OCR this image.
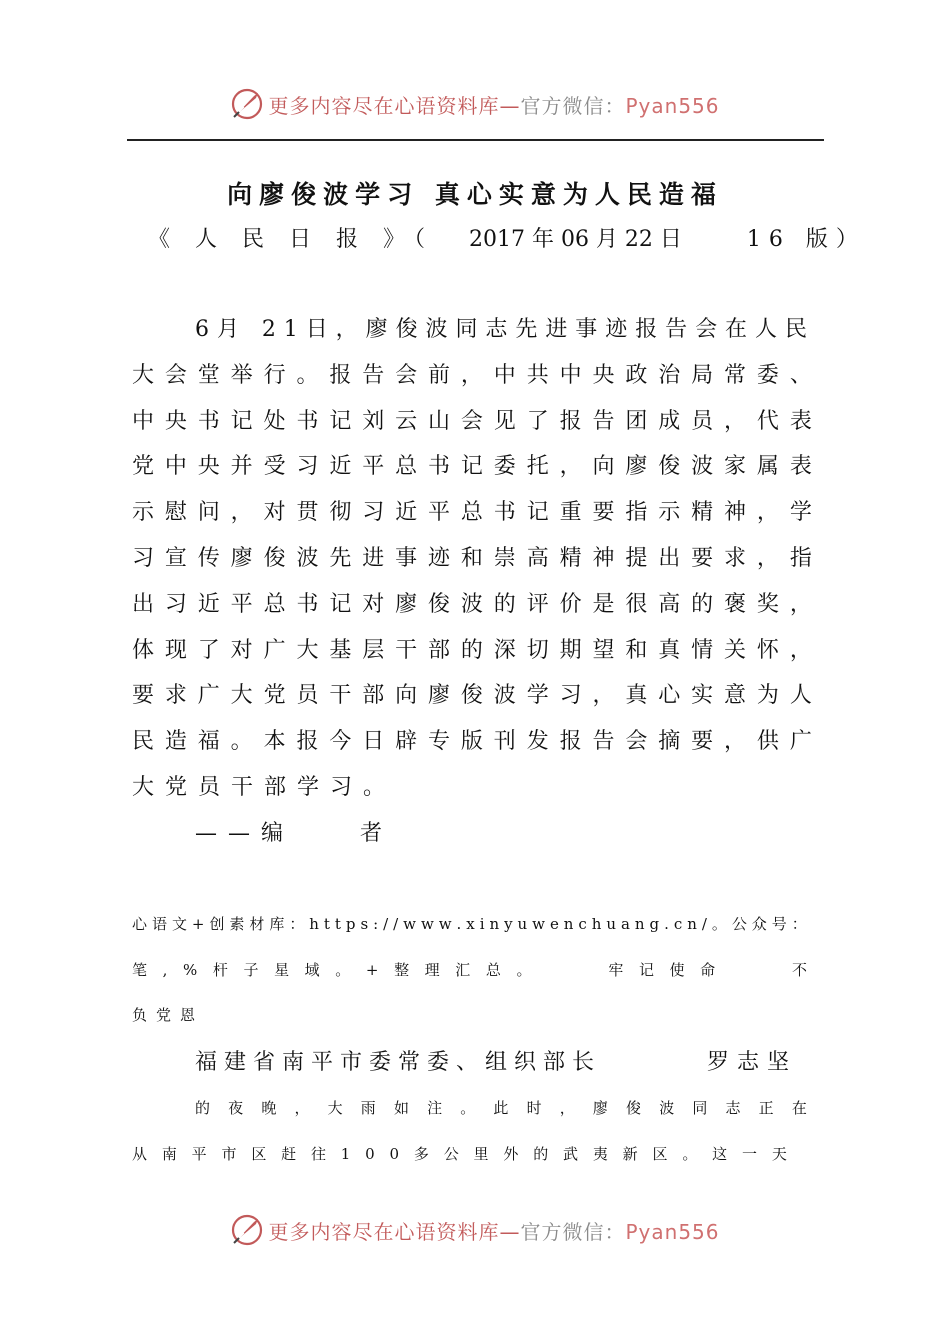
更多内容尽在心语资料库—官方微信：Pyan556
向廖俊波学习 真心实意为人民造福
《 人 民 日 报 》（ 2017 年 06 月 22 日	16 版）
6 月
2 1 日 ， 廖 俊 波 同 志 先 进 事 迹 报 告 会 在 人 民
大 会 堂 举 行 。 报 告 会 前 ， 中 共 中 央 政 治 局 常 委 、
中 央 书 记 处 书 记 刘 云 山 会 见 了 报 告 团 成 员 ， 代 表
党 中 央 并 受 习 近 平 总 书 记 委 托 ， 向 廖 俊 波 家 属 表
示 慰 问 ， 对 贯 彻 习 近 平 总 书 记 重 要 指 示 精 神 ， 学
习 宣 传 廖 俊 波 先 进 事 迹 和 崇 高 精 神 提 出 要 求 ， 指
出 习 近 平 总 书 记 对 廖 俊 波 的 评 价 是 很 高 的 褒 奖 ，
体 现 了 对 广 大 基 层 干 部 的 深 切 期 望 和 真 情 关 怀 ，
要 求 广 大 党 员 干 部 向 廖 俊 波 学 习 ， 真 心 实 意 为 人
民 造 福 。 本 报 今 日 辟 专 版 刊 发 报 告 会 摘 要 ， 供 广
大党员干部学习。
——编　　者
心 语 文 + 创 素 材 库 ： h t t p s : / / w w w . x i n y u w e n c h u a n g . c n / 。 公 众 号 ：
笔 , % 杆 子 星 域 。 + 整 理 汇 总 。

　	牢 记 使 命

　	不
负党恩
福建省南平市委常委、组织部长	罗志坚
的 夜 晚 ， 大 雨 如 注 。 此 时 ， 廖 俊 波 同 志 正 在
从 南 平 市 区 赶 往 1 0 0 多 公 里 外 的 武 夷 新 区 。 这 一 天
更多内容尽在心语资料库—官方微信：Pyan556
